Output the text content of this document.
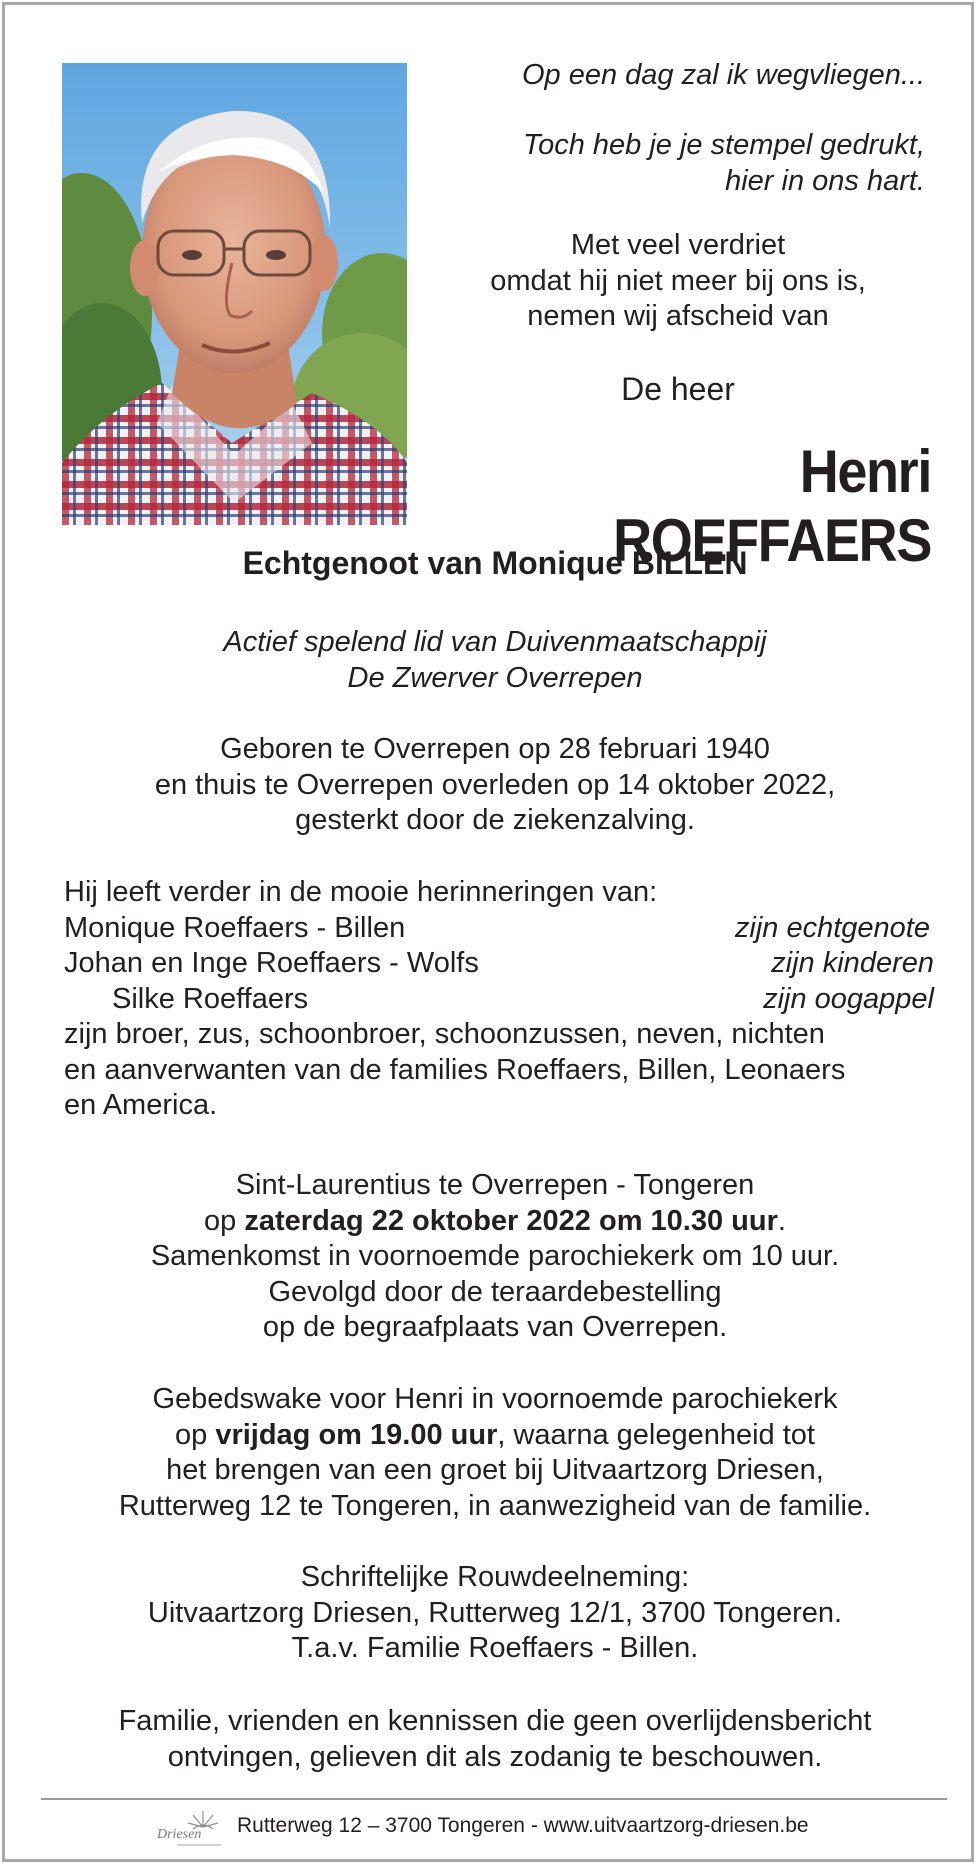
Op een dag zal ik wegvliegen...

Toch heb je je stempel gedrukt,

hier in ons hart.

Met veel verdriet
omdat hij niet meer bij ons is,
nemen wij afscheid van
De heer
Henri ROEFFAERS
Echtgenoot van Monique BILLEN
Actief spelend lid van Duivenmaatschappij
De Zwerver Overrepen
Geboren te Overrepen op 28 februari 1940
en thuis te Overrepen overleden op 14 oktober 2022,
gesterkt door de ziekenzalving.
Hij leeft verder in de mooie herinneringen van:
Monique Roeffaers - Billen	zijn echtgenote
Johan en Inge Roeffaers - Wolfs	zijn kinderen
Silke Roeffaers	zijn oogappel
zijn broer, zus, schoonbroer, schoonzussen, neven, nichten
en aanverwanten van de families Roeffaers, Billen, Leonaers
en America.
Sint-Laurentius te Overrepen - Tongeren
op zaterdag 22 oktober 2022 om 10.30 uur.
Samenkomst in voornoemde parochiekerk om 10 uur.
Gevolgd door de teraardebestelling
op de begraafplaats van Overrepen.
Gebedswake voor Henri in voornoemde parochiekerk
op vrijdag om 19.00 uur, waarna gelegenheid tot
het brengen van een groet bij Uitvaartzorg Driesen,
Rutterweg 12 te Tongeren, in aanwezigheid van de familie.
Schriftelijke Rouwdeelneming:
Uitvaartzorg Driesen, Rutterweg 12/1, 3700 Tongeren.
T.a.v. Familie Roeffaers - Billen.
Familie, vrienden en kennissen die geen overlijdensbericht
ontvingen, gelieven dit als zodanig te beschouwen.
Driesen Rutterweg 12 – 3700 Tongeren - www.uitvaartzorg-driesen.be
